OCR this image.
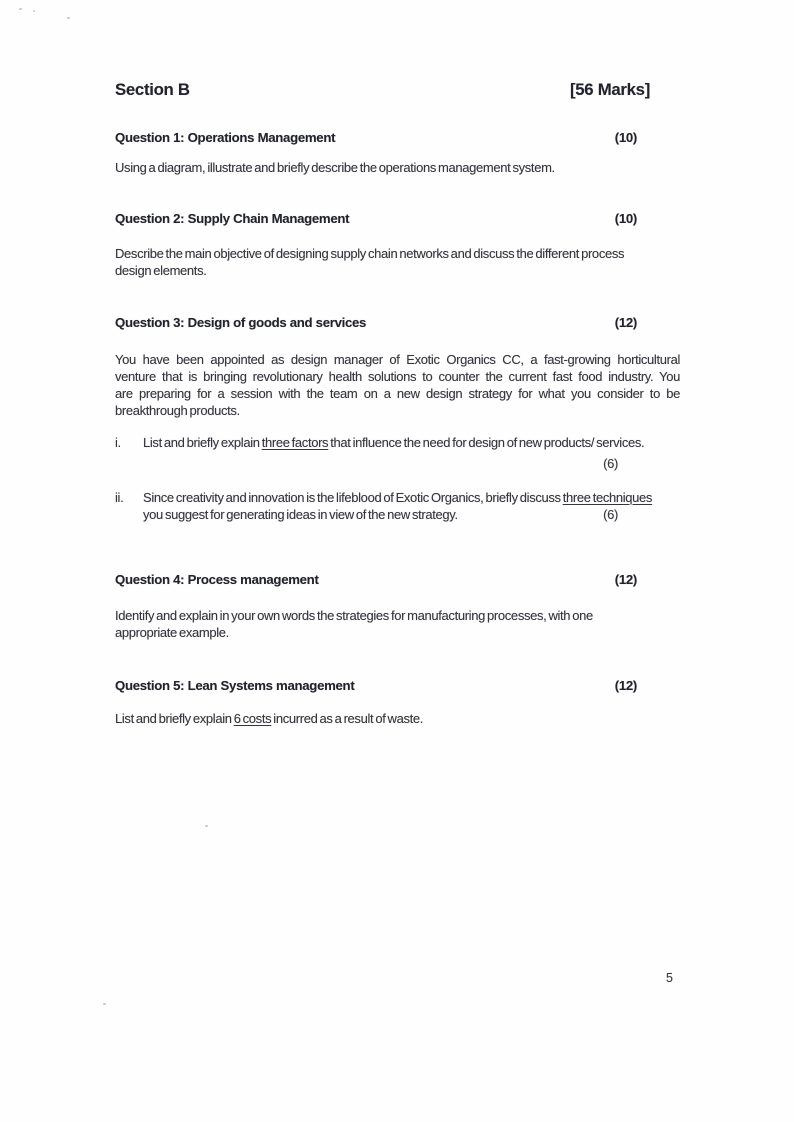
Section B	[56 Marks]
Question 1: Operations Management	(10)
Using a diagram, illustrate and briefly describe the operations management system.
Question 2: Supply Chain Management	(10)
Describe the main objective of designing supply chain networks and discuss the different process
design elements.
Question 3: Design of goods and services	(12)
You have been appointed as design manager of Exotic Organics CC, a fast-growing horticultural
venture that is bringing revolutionary health solutions to counter the current fast food industry. You
are preparing for a session with the team on a new design strategy for what you consider to be
breakthrough products.
i.	List and briefly explain three factors that influence the need for design of new products/ services.
(6)
ii.	Since creativity and innovation is the lifeblood of Exotic Organics, briefly discuss three techniques
you suggest for generating ideas in view of the new strategy.	(6)
Question 4: Process management	(12)
Identify and explain in your own words the strategies for manufacturing processes, with one
appropriate example.
Question 5: Lean Systems management	(12)
List and briefly explain 6 costs incurred as a result of waste.
5
